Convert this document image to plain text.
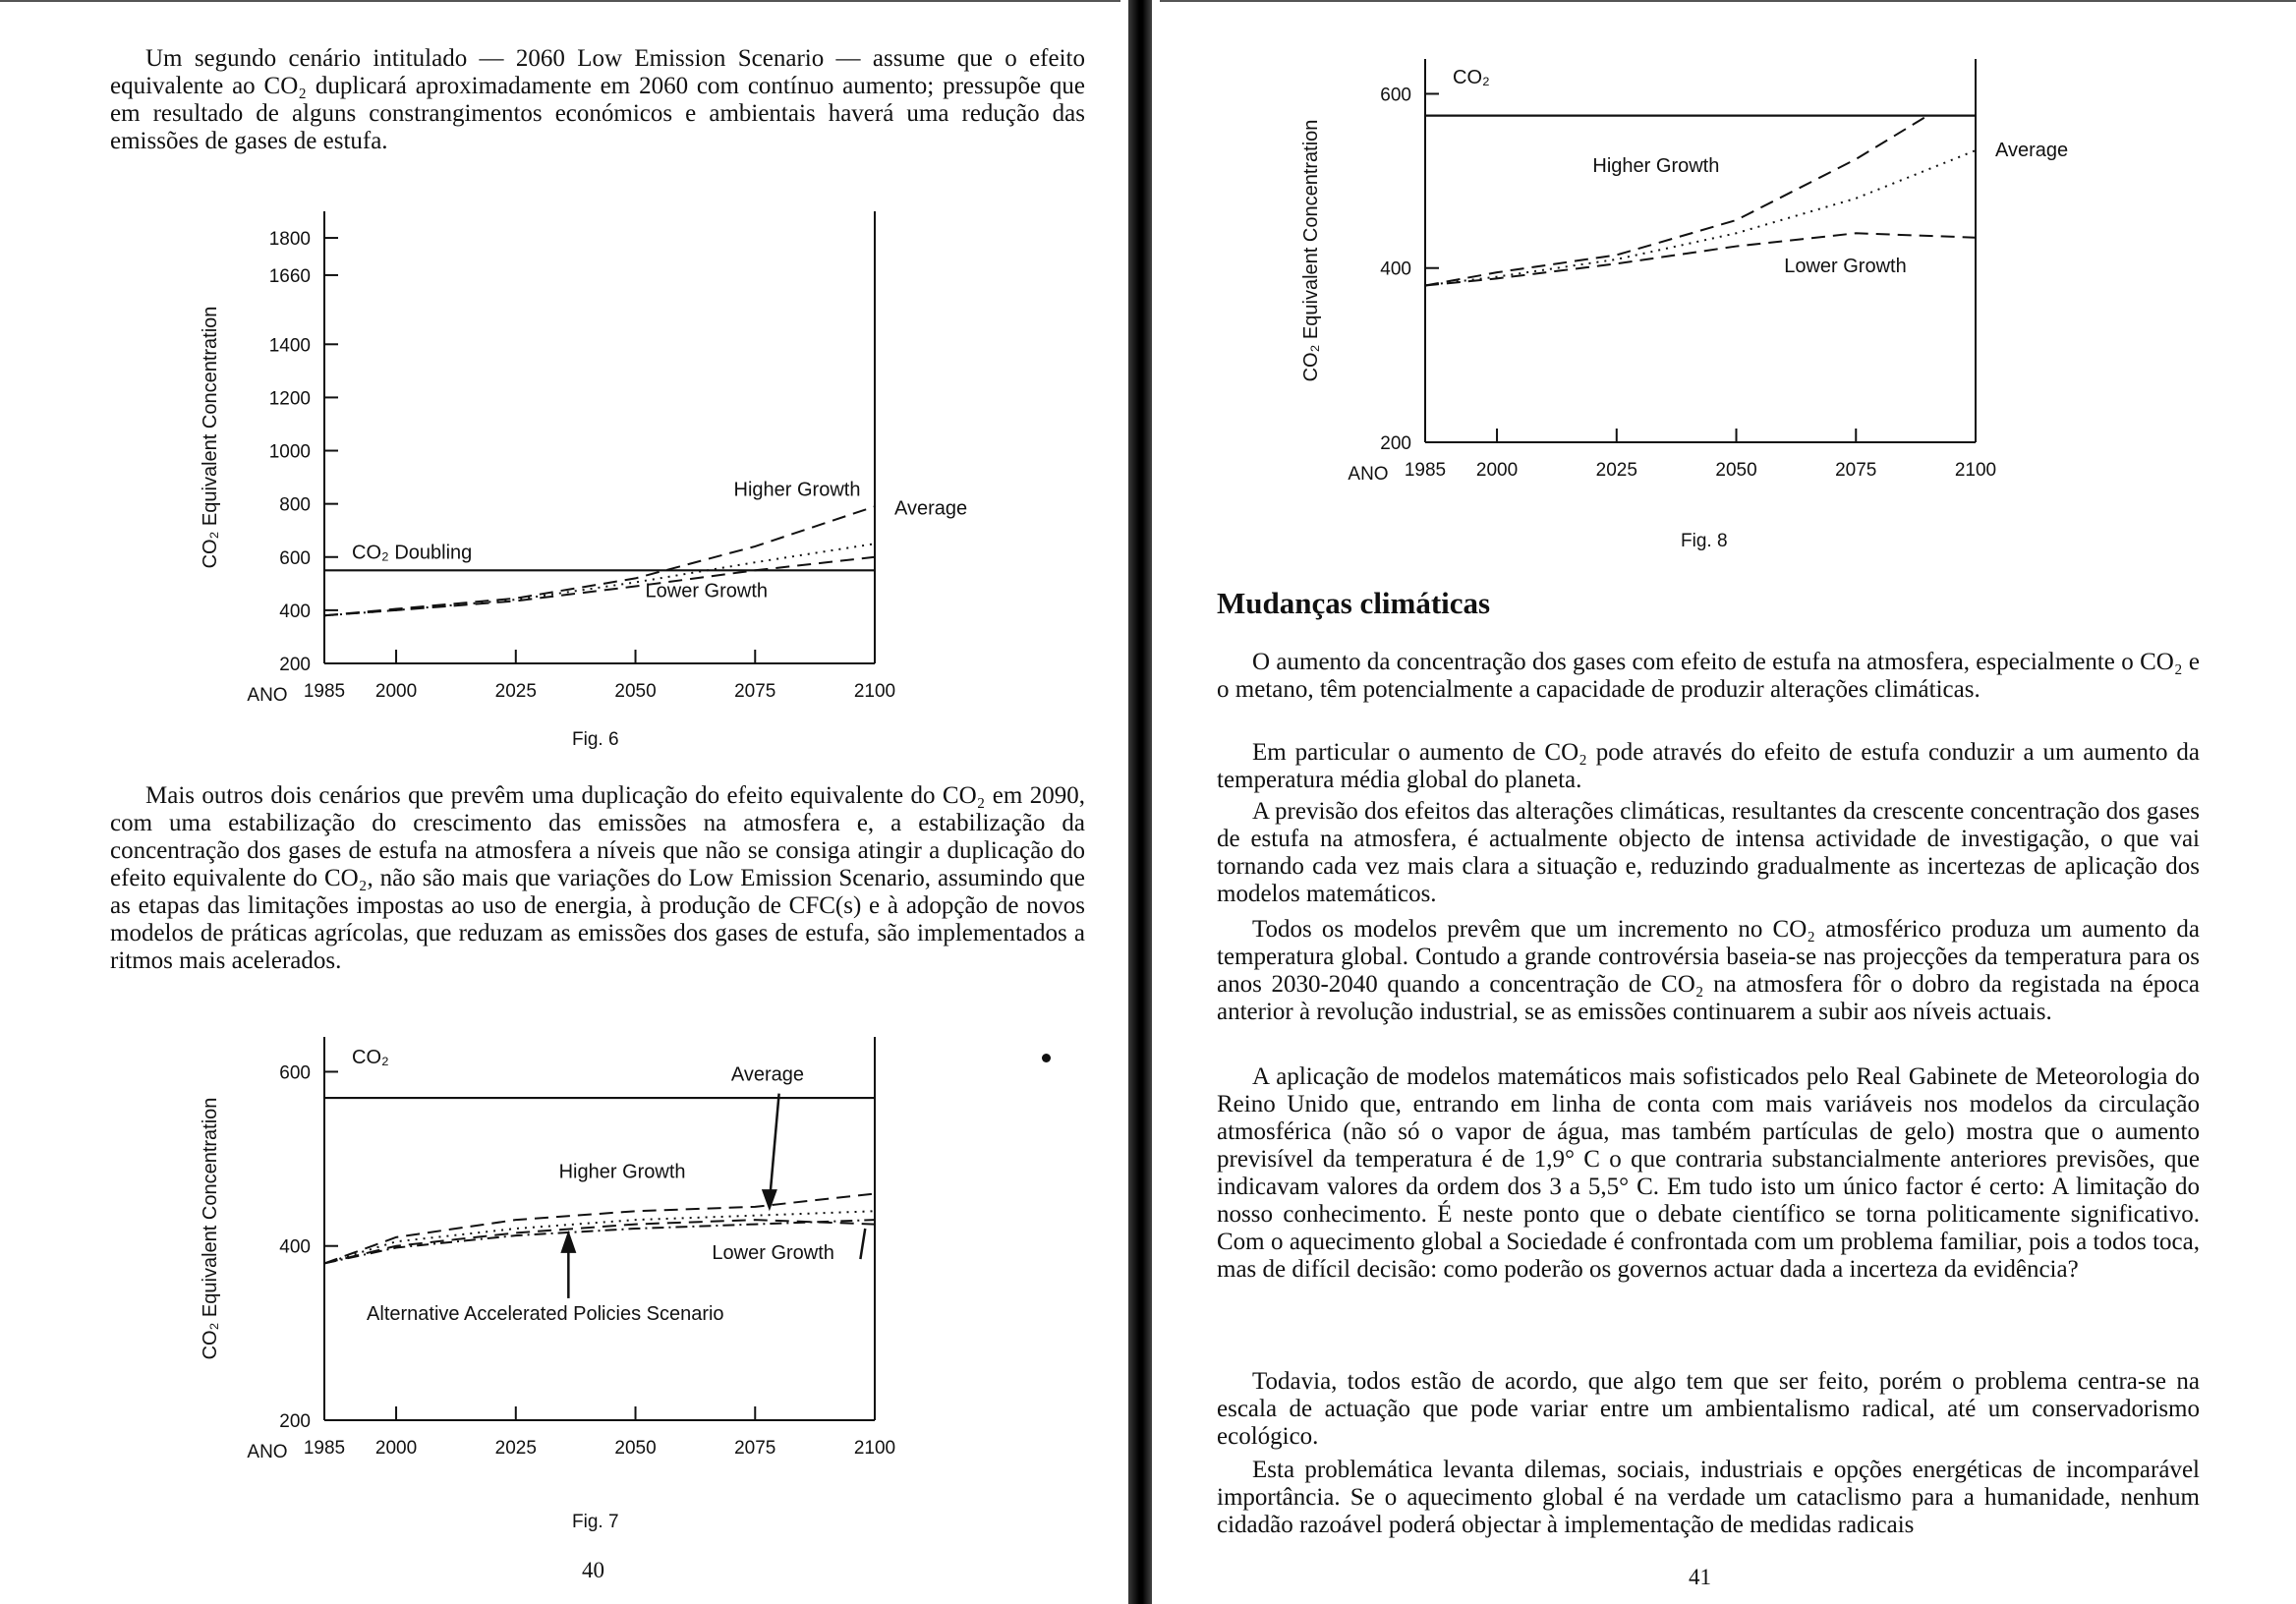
Um segundo cenário intitulado — 2060 Low Emission Scenario — assume que o efeito equivalente ao CO₂ duplicará aproximadamente em 2060 com contínuo aumento; pressupõe que em resultado de alguns constrangimentos económicos e ambientais haverá uma redução das emissões de gases de estufa.

200
400
600
800
1000
1200
1400
1660
1800
1985 2000	2025	2050	2075	2100
ANO
CO₂ Equivalent Concentration	CO₂ Doubling
Higher Growth
Average
Lower Growth
Fig. 6

Mais outros dois cenários que prevêm uma duplicação do efeito equivalente do CO₂ em 2090, com uma estabilização do crescimento das emissões na atmosfera e, a estabilização da concentração dos gases de estufa na atmosfera a níveis que não se consiga atingir a duplicação do efeito equivalente do CO₂, não são mais que variações do Low Emission Scenario, assumindo que as etapas das limitações impostas ao uso de energia, à produção de CFC(s) e à adopção de novos modelos de práticas agrícolas, que reduzam as emissões dos gases de estufa, são implementados a ritmos mais acelerados.

200
400
600
1985 2000	2025	2050	2075	2100
ANO
CO₂ Equivalent Concentration
CO₂
Average
Higher Growth
Lower Growth
Alternative Accelerated Policies Scenario
Fig. 7
40
200
400
600
1985 2000	2025	2050	2075	2100
ANO
CO₂ Equivalent Concentration
CO₂
Higher Growth
Average
Lower Growth
Fig. 8
Mudanças climáticas

O aumento da concentração dos gases com efeito de estufa na atmosfera, especialmente o CO₂ e o metano, têm potencialmente a capacidade de produzir alterações climáticas.

Em particular o aumento de CO₂ pode através do efeito de estufa conduzir a um aumento da temperatura média global do planeta.

A previsão dos efeitos das alterações climáticas, resultantes da crescente concentração dos gases de estufa na atmosfera, é actualmente objecto de intensa actividade de investigação, o que vai tornando cada vez mais clara a situação e, reduzindo gradualmente as incertezas de aplicação dos modelos matemáticos.

Todos os modelos prevêm que um incremento no CO₂ atmosférico produza um aumento da temperatura global. Contudo a grande controvérsia baseia-se nas projecções da temperatura para os anos 2030-2040 quando a concentração de CO₂ na atmosfera fôr o dobro da registada na época anterior à revolução industrial, se as emissões continuarem a subir aos níveis actuais.

A aplicação de modelos matemáticos mais sofisticados pelo Real Gabinete de Meteorologia do Reino Unido que, entrando em linha de conta com mais variáveis nos modelos da circulação atmosférica (não só o vapor de água, mas também partículas de gelo) mostra que o aumento previsível da temperatura é de 1,9° C o que contraria substancialmente anteriores previsões, que indicavam valores da ordem dos 3 a 5,5° C. Em tudo isto um único factor é certo: A limitação do nosso conhecimento. É neste ponto que o debate científico se torna politicamente significativo. Com o aquecimento global a Sociedade é confrontada com um problema familiar, pois a todos toca, mas de difícil decisão: como poderão os governos actuar dada a incerteza da evidência?

Todavia, todos estão de acordo, que algo tem que ser feito, porém o problema centra-se na escala de actuação que pode variar entre um ambientalismo radical, até um conservadorismo ecológico.

Esta problemática levanta dilemas, sociais, industriais e opções energéticas de incomparável importância. Se o aquecimento global é na verdade um cataclismo para a humanidade, nenhum cidadão razoável poderá objectar à implementação de medidas radicais

41
